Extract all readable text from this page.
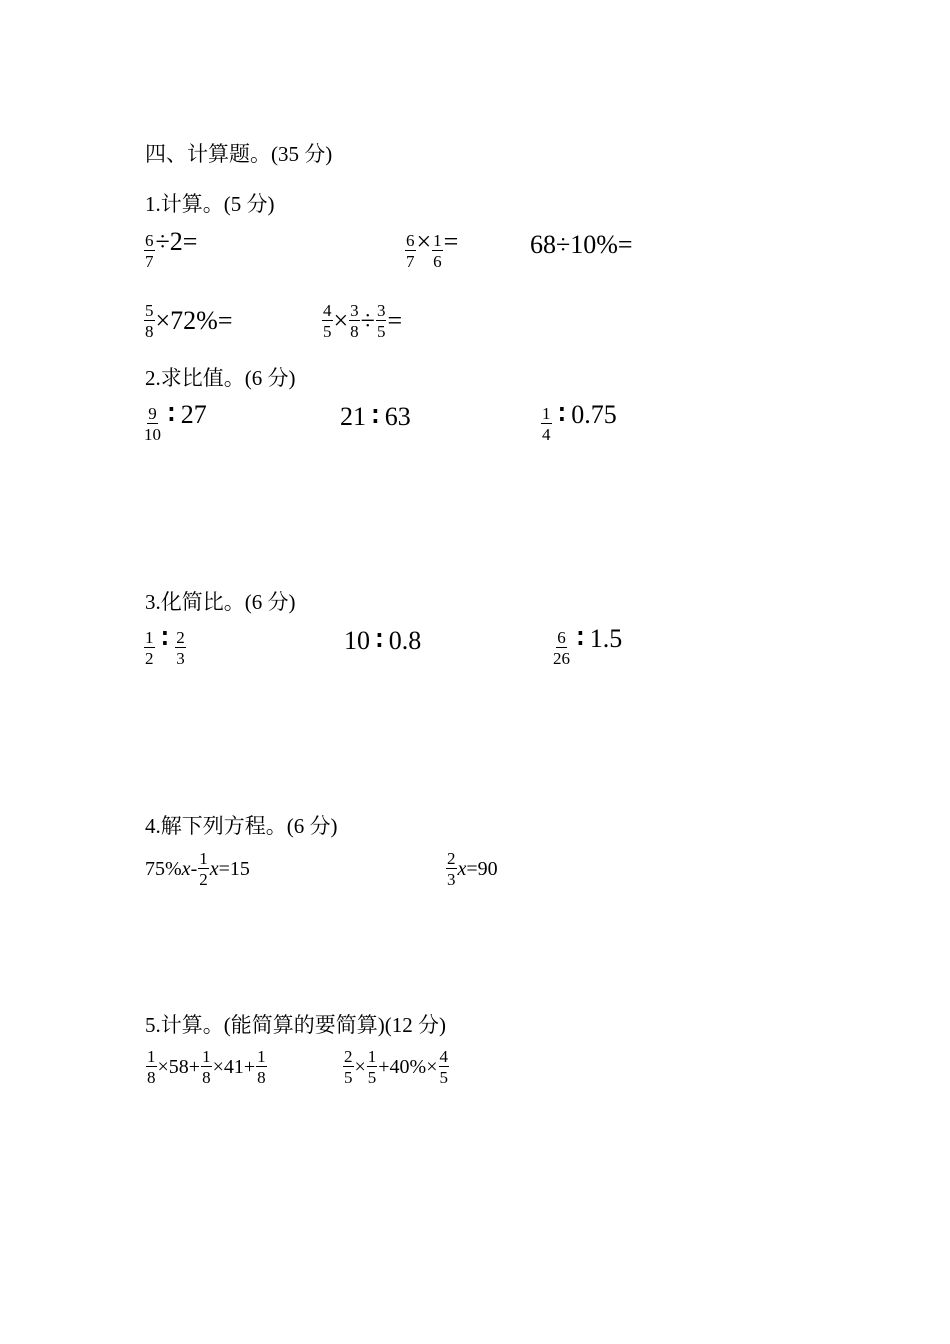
四、计算题。(35 分)
1.计算。(5 分)
$\frac{6}{7} \div 2=$	$\frac{6}{7} \times \frac{1}{6}$ =	68÷10%=
$\frac{5}{8} \times 72\%=$	$\frac{4}{5} \times \frac{3}{8} \div \frac{3}{5}$ =
2.求比值。(6 分)
$\frac{9}{10}$ ∶ 27	21 ∶ 63	$\frac{1}{4}$ ∶ 0.75
3.化简比。(6 分)
$\frac{1}{2}$ ∶ $\frac{2}{3}$	10 ∶ 0.8	$\frac{6}{26}$ ∶ 1.5
4.解下列方程。(6 分)
75% x - $\frac{1}{2}$ x =15	$\frac{2}{3}$ x =90
5.计算。(能简算的要简算)(12 分)
$\frac{1}{8} \times 58+ \frac{1}{8} \times 41+ \frac{1}{8}$	$\frac{2}{5} \times \frac{1}{5} +40\%\times \frac{4}{5}$
